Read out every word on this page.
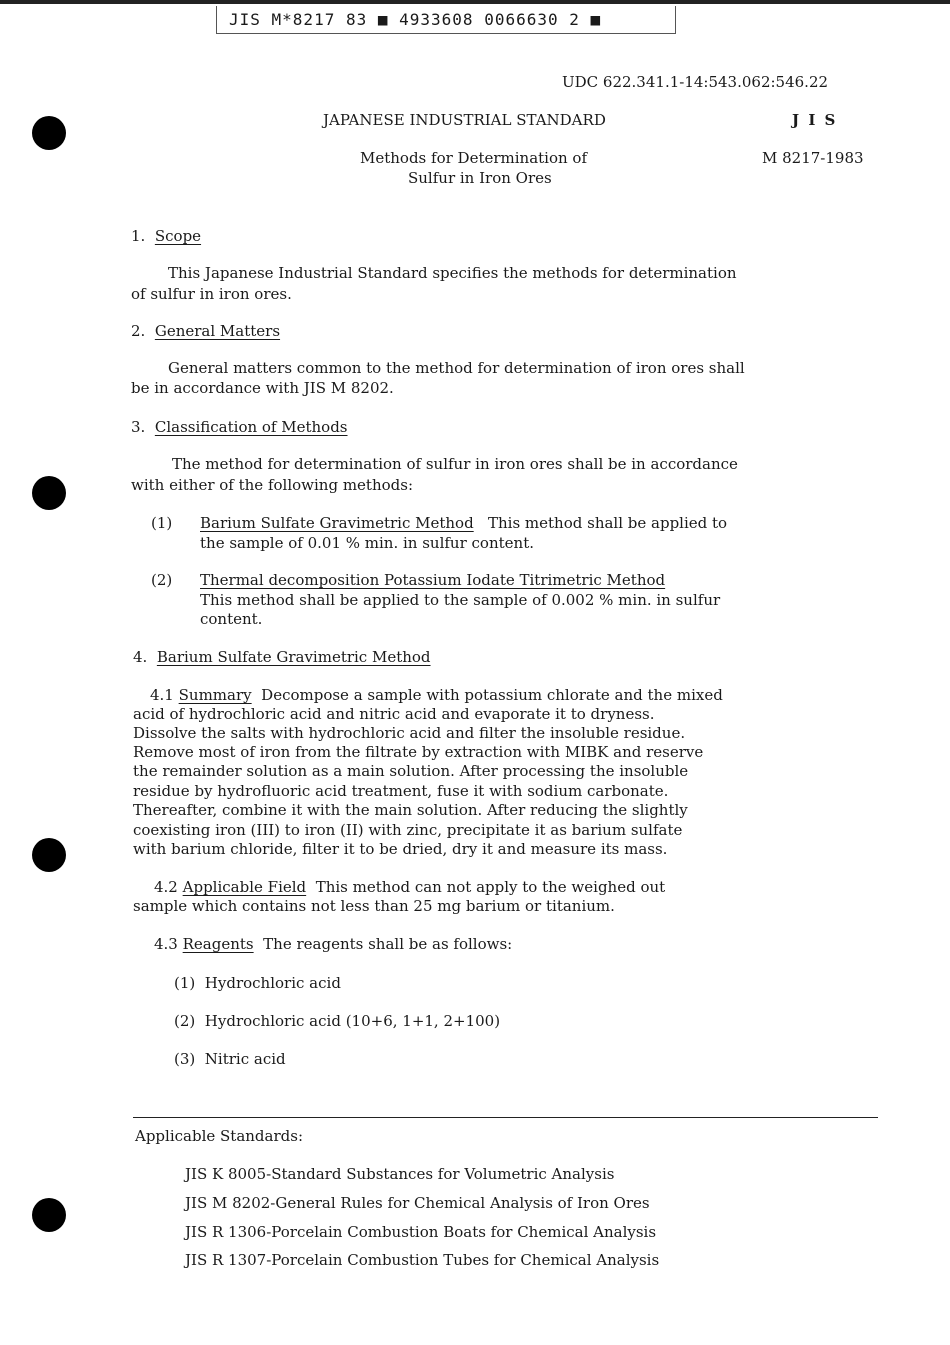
JIS M*8217 83 ■ 4933608 0066630 2 ■
UDC 622.341.1-14:543.062:546.22
JAPANESE INDUSTRIAL STANDARD	J I S
Methods for Determination of
Sulfur in Iron Ores
M 8217-1983
1. Scope
This Japanese Industrial Standard specifies the methods for determination
of sulfur in iron ores.
2. General Matters
General matters common to the method for determination of iron ores shall
be in accordance with JIS M 8202.
3. Classification of Methods
The method for determination of sulfur in iron ores shall be in accordance
with either of the following methods:
(1) Barium Sulfate Gravimetric Method This method shall be applied to
the sample of 0.01 % min. in sulfur content.
(2) Thermal decomposition Potassium Iodate Titrimetric Method
This method shall be applied to the sample of 0.002 % min. in sulfur
content.
4. Barium Sulfate Gravimetric Method
4.1 Summary Decompose a sample with potassium chlorate and the mixed
acid of hydrochloric acid and nitric acid and evaporate it to dryness.
Dissolve the salts with hydrochloric acid and filter the insoluble residue.
Remove most of iron from the filtrate by extraction with MIBK and reserve
the remainder solution as a main solution. After processing the insoluble
residue by hydrofluoric acid treatment, fuse it with sodium carbonate.
Thereafter, combine it with the main solution. After reducing the slightly
coexisting iron (III) to iron (II) with zinc, precipitate it as barium sulfate
with barium chloride, filter it to be dried, dry it and measure its mass.
4.2 Applicable Field This method can not apply to the weighed out
sample which contains not less than 25 mg barium or titanium.
4.3 Reagents The reagents shall be as follows:
(1) Hydrochloric acid
(2) Hydrochloric acid (10+6, 1+1, 2+100)
(3) Nitric acid
Applicable Standards:
JIS K 8005-Standard Substances for Volumetric Analysis
JIS M 8202-General Rules for Chemical Analysis of Iron Ores
JIS R 1306-Porcelain Combustion Boats for Chemical Analysis
JIS R 1307-Porcelain Combustion Tubes for Chemical Analysis
